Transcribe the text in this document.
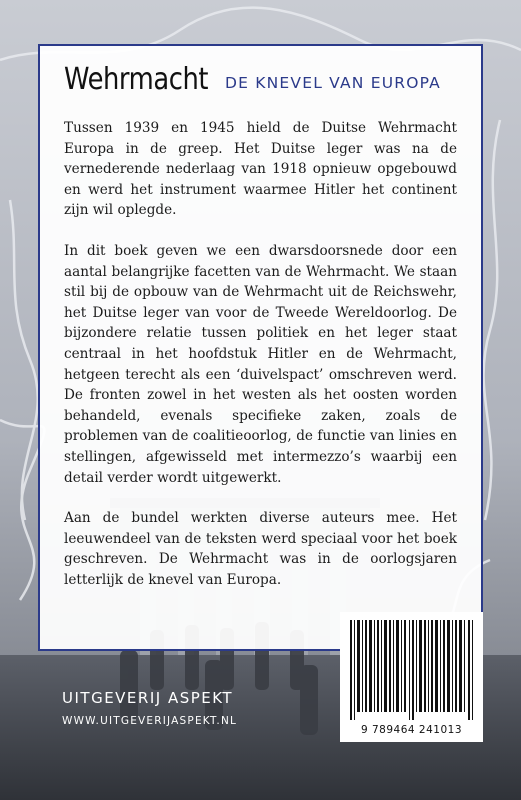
Wehrmacht DE KNEVEL VAN EUROPA

Tussen 1939 en 1945 hield de Duitse Wehrmacht Europa in de greep. Het Duitse leger was na de vernederende nederlaag van 1918 opnieuw opgebouwd en werd het instrument waarmee Hitler het continent zijn wil oplegde.

In dit boek geven we een dwarsdoorsnede door een aantal belangrijke facetten van de Wehrmacht. We staan stil bij de opbouw van de Wehrmacht uit de Reichswehr, het Duitse leger van voor de Tweede Wereldoorlog. De bijzondere relatie tussen politiek en het leger staat centraal in het hoofdstuk Hitler en de Wehrmacht, hetgeen terecht als een ‘duivelspact’ omschreven werd. De fronten zowel in het westen als het oosten worden behandeld, evenals specifieke zaken, zoals de problemen van de coalitieoorlog, de functie van linies en stellingen, afgewisseld met intermezzo’s waarbij een detail verder wordt uitgewerkt.

Aan de bundel werkten diverse auteurs mee. Het leeuwendeel van de teksten werd speciaal voor het boek geschreven. De Wehrmacht was in de oorlogsjaren letterlijk de knevel van Europa.

UITGEVERIJ ASPEKT
WWW.UITGEVERIJASPEKT.NL
9 789464 241013
